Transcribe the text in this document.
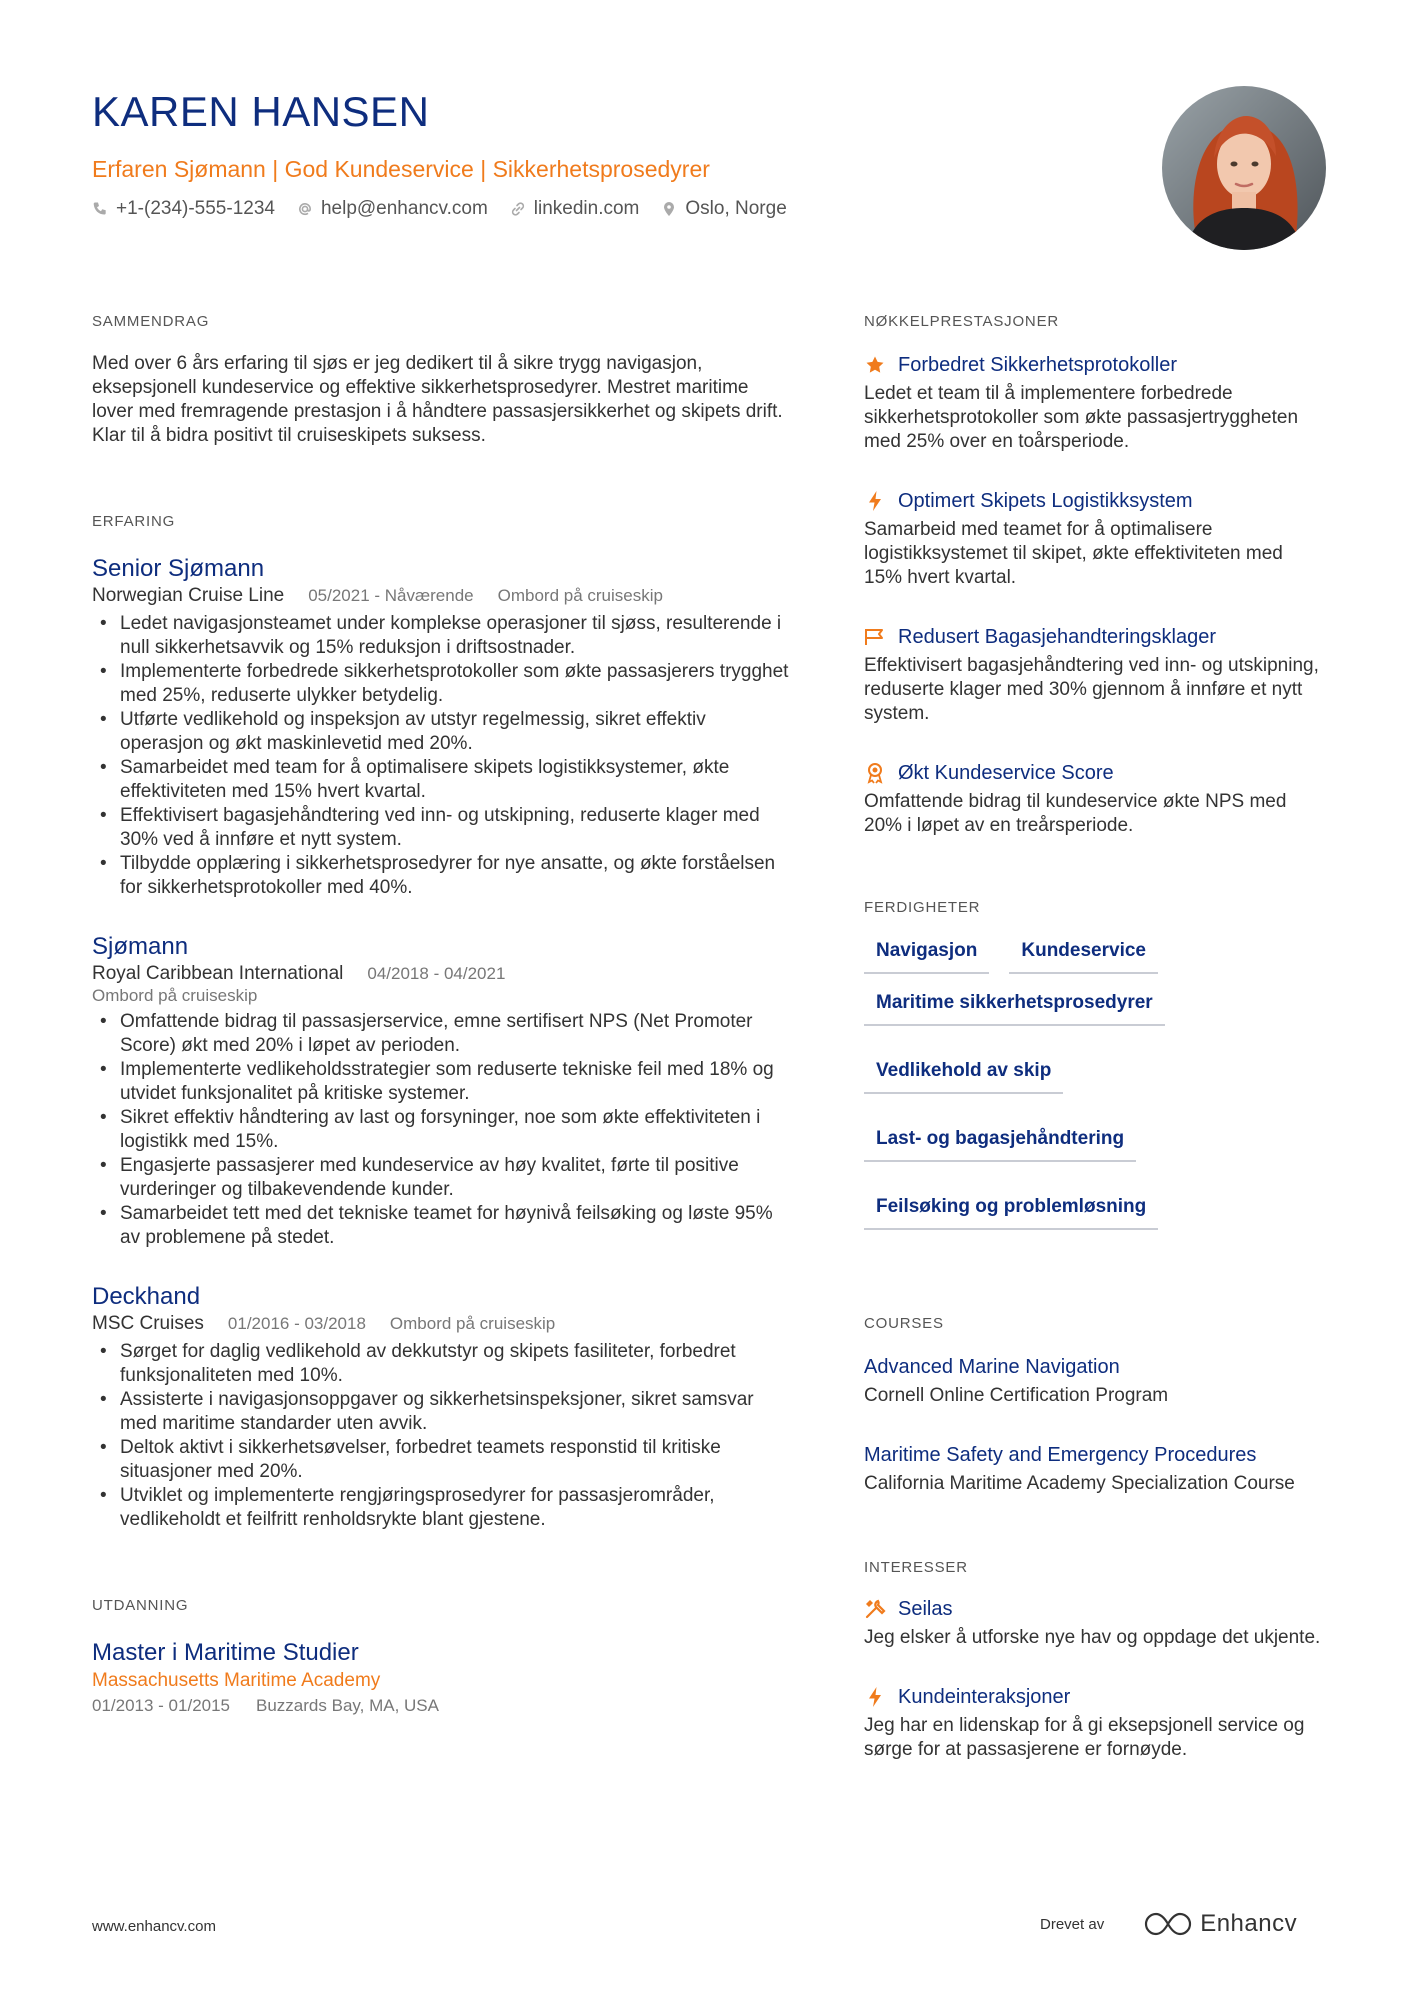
KAREN HANSEN
Erfaren Sjømann | God Kundeservice | Sikkerhetsprosedyrer
+1-(234)-555-1234 help@enhancv.com linkedin.com Oslo, Norge
SAMMENDRAG
Med over 6 års erfaring til sjøs er jeg dedikert til å sikre trygg navigasjon, eksepsjonell kundeservice og effektive sikkerhetsprosedyrer. Mestret maritime lover med fremragende prestasjon i å håndtere passasjersikkerhet og skipets drift. Klar til å bidra positivt til cruiseskipets suksess.
ERFARING
Senior Sjømann
Norwegian Cruise Line 05/2021 - Nåværende Ombord på cruiseskip
• Ledet navigasjonsteamet under komplekse operasjoner til sjøss, resulterende i null sikkerhetsavvik og 15% reduksjon i driftsostnader.
• Implementerte forbedrede sikkerhetsprotokoller som økte passasjerers trygghet med 25%, reduserte ulykker betydelig.
• Utførte vedlikehold og inspeksjon av utstyr regelmessig, sikret effektiv operasjon og økt maskinlevetid med 20%.
• Samarbeidet med team for å optimalisere skipets logistikksystemer, økte effektiviteten med 15% hvert kvartal.
• Effektivisert bagasjehåndtering ved inn- og utskipning, reduserte klager med 30% ved å innføre et nytt system.
• Tilbydde opplæring i sikkerhetsprosedyrer for nye ansatte, og økte forståelsen for sikkerhetsprotokoller med 40%.
Sjømann
Royal Caribbean International 04/2018 - 04/2021
Ombord på cruiseskip
• Omfattende bidrag til passasjerservice, emne sertifisert NPS (Net Promoter Score) økt med 20% i løpet av perioden.
• Implementerte vedlikeholdsstrategier som reduserte tekniske feil med 18% og utvidet funksjonalitet på kritiske systemer.
• Sikret effektiv håndtering av last og forsyninger, noe som økte effektiviteten i logistikk med 15%.
• Engasjerte passasjerer med kundeservice av høy kvalitet, førte til positive vurderinger og tilbakevendende kunder.
• Samarbeidet tett med det tekniske teamet for høynivå feilsøking og løste 95% av problemene på stedet.
Deckhand
MSC Cruises 01/2016 - 03/2018 Ombord på cruiseskip
• Sørget for daglig vedlikehold av dekkutstyr og skipets fasiliteter, forbedret funksjonaliteten med 10%.
• Assisterte i navigasjonsoppgaver og sikkerhetsinspeksjoner, sikret samsvar med maritime standarder uten avvik.
• Deltok aktivt i sikkerhetsøvelser, forbedret teamets responstid til kritiske situasjoner med 20%.
• Utviklet og implementerte rengjøringsprosedyrer for passasjerområder, vedlikeholdt et feilfritt renholdsrykte blant gjestene.
UTDANNING
Master i Maritime Studier
Massachusetts Maritime Academy
01/2013 - 01/2015 Buzzards Bay, MA, USA
NØKKELPRESTASJONER
Forbedret Sikkerhetsprotokoller
Ledet et team til å implementere forbedrede sikkerhetsprotokoller som økte passasjertryggheten med 25% over en toårsperiode.
Optimert Skipets Logistikksystem
Samarbeid med teamet for å optimalisere logistikksystemet til skipet, økte effektiviteten med 15% hvert kvartal.
Redusert Bagasjehandteringsklager
Effektivisert bagasjehåndtering ved inn- og utskipning, reduserte klager med 30% gjennom å innføre et nytt system.
Økt Kundeservice Score
Omfattende bidrag til kundeservice økte NPS med 20% i løpet av en treårsperiode.
FERDIGHETER
Navigasjon	Kundeservice
Maritime sikkerhetsprosedyrer
Vedlikehold av skip
Last- og bagasjehåndtering
Feilsøking og problemløsning
COURSES
Advanced Marine Navigation
Cornell Online Certification Program
Maritime Safety and Emergency Procedures
California Maritime Academy Specialization Course
INTERESSER
Seilas
Jeg elsker å utforske nye hav og oppdage det ukjente.
Kundeinteraksjoner
Jeg har en lidenskap for å gi eksepsjonell service og sørge for at passasjerene er fornøyde.
www.enhancv.com	Drevet av	Enhancv
